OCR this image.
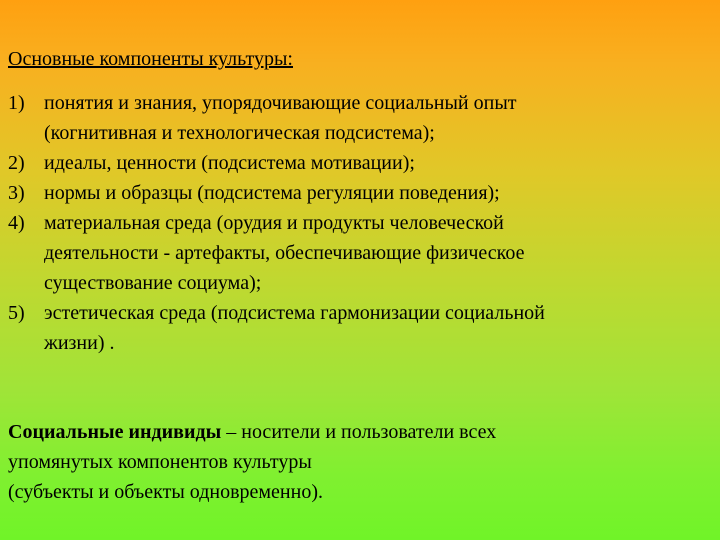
Основные компоненты культуры:
1) понятия и знания, упорядочивающие социальный опыт
(когнитивная и технологическая подсистема);
2) идеалы, ценности (подсистема мотивации);
3) нормы и образцы (подсистема регуляции поведения);
4) материальная среда (орудия и продукты человеческой
деятельности - артефакты, обеспечивающие физическое
существование социума);
5) эстетическая среда (подсистема гармонизации социальной
жизни) .
Социальные индивиды – носители и пользователи всех
упомянутых компонентов культуры
(субъекты и объекты одновременно).
